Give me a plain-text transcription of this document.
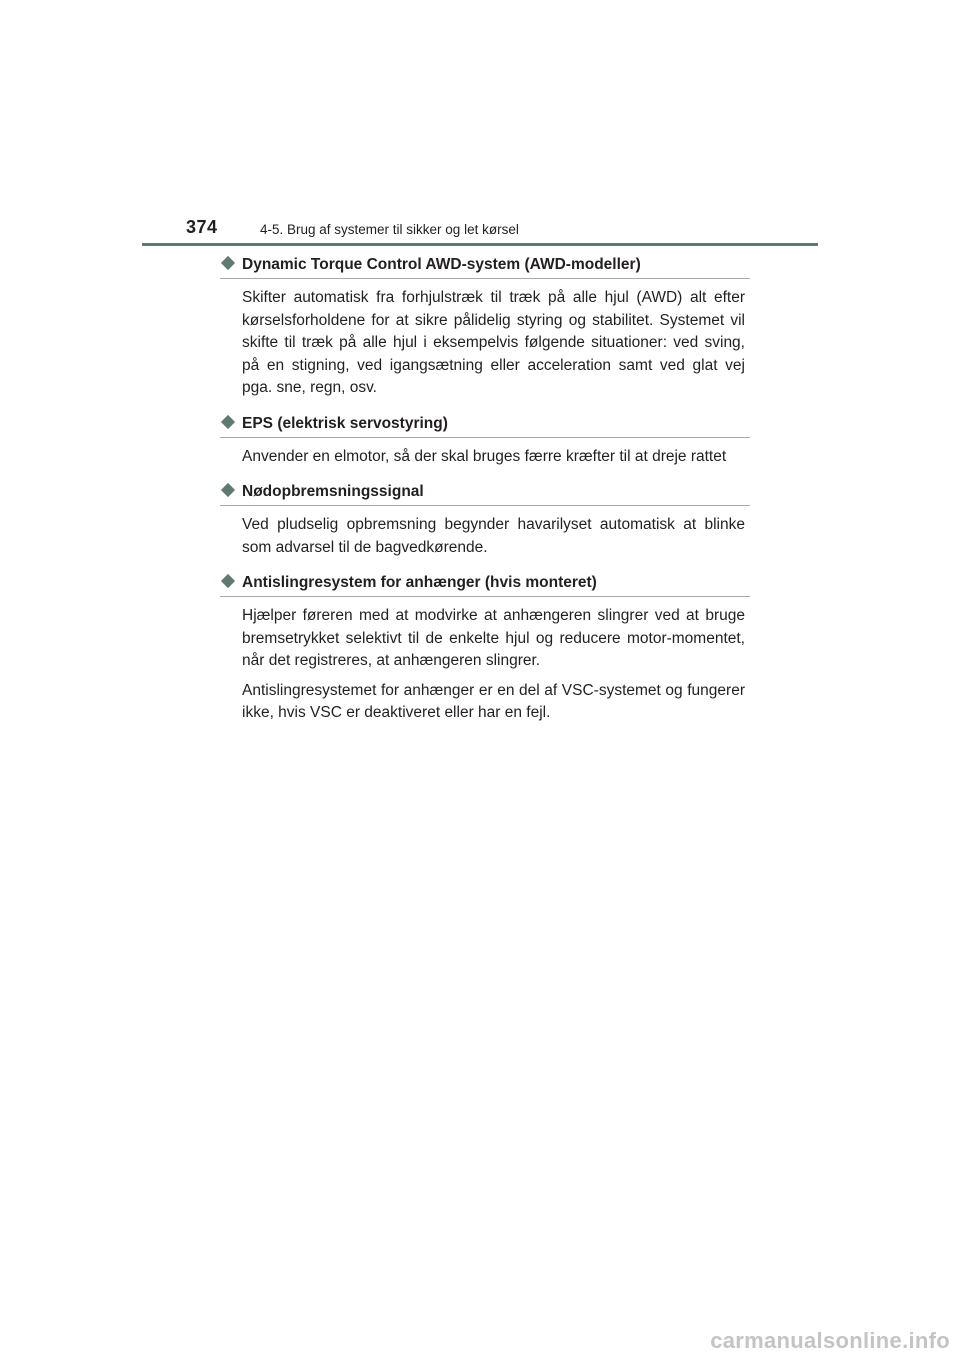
374	4-5. Brug af systemer til sikker og let kørsel
Dynamic Torque Control AWD-system (AWD-modeller)

Skifter automatisk fra forhjulstræk til træk på alle hjul (AWD) alt efter kørselsforholdene for at sikre pålidelig styring og stabilitet. Systemet vil skifte til træk på alle hjul i eksempelvis følgende situationer: ved sving, på en stigning, ved igangsætning eller acceleration samt ved glat vej pga. sne, regn, osv.

EPS (elektrisk servostyring)

Anvender en elmotor, så der skal bruges færre kræfter til at dreje rattet

Nødopbremsningssignal

Ved pludselig opbremsning begynder havarilyset automatisk at blinke som advarsel til de bagvedkørende.

Antislingresystem for anhænger (hvis monteret)

Hjælper føreren med at modvirke at anhængeren slingrer ved at bruge bremsetrykket selektivt til de enkelte hjul og reducere motor-momentet, når det registreres, at anhængeren slingrer.

Antislingresystemet for anhænger er en del af VSC-systemet og fungerer ikke, hvis VSC er deaktiveret eller har en fejl.

carmanualsonline.info
